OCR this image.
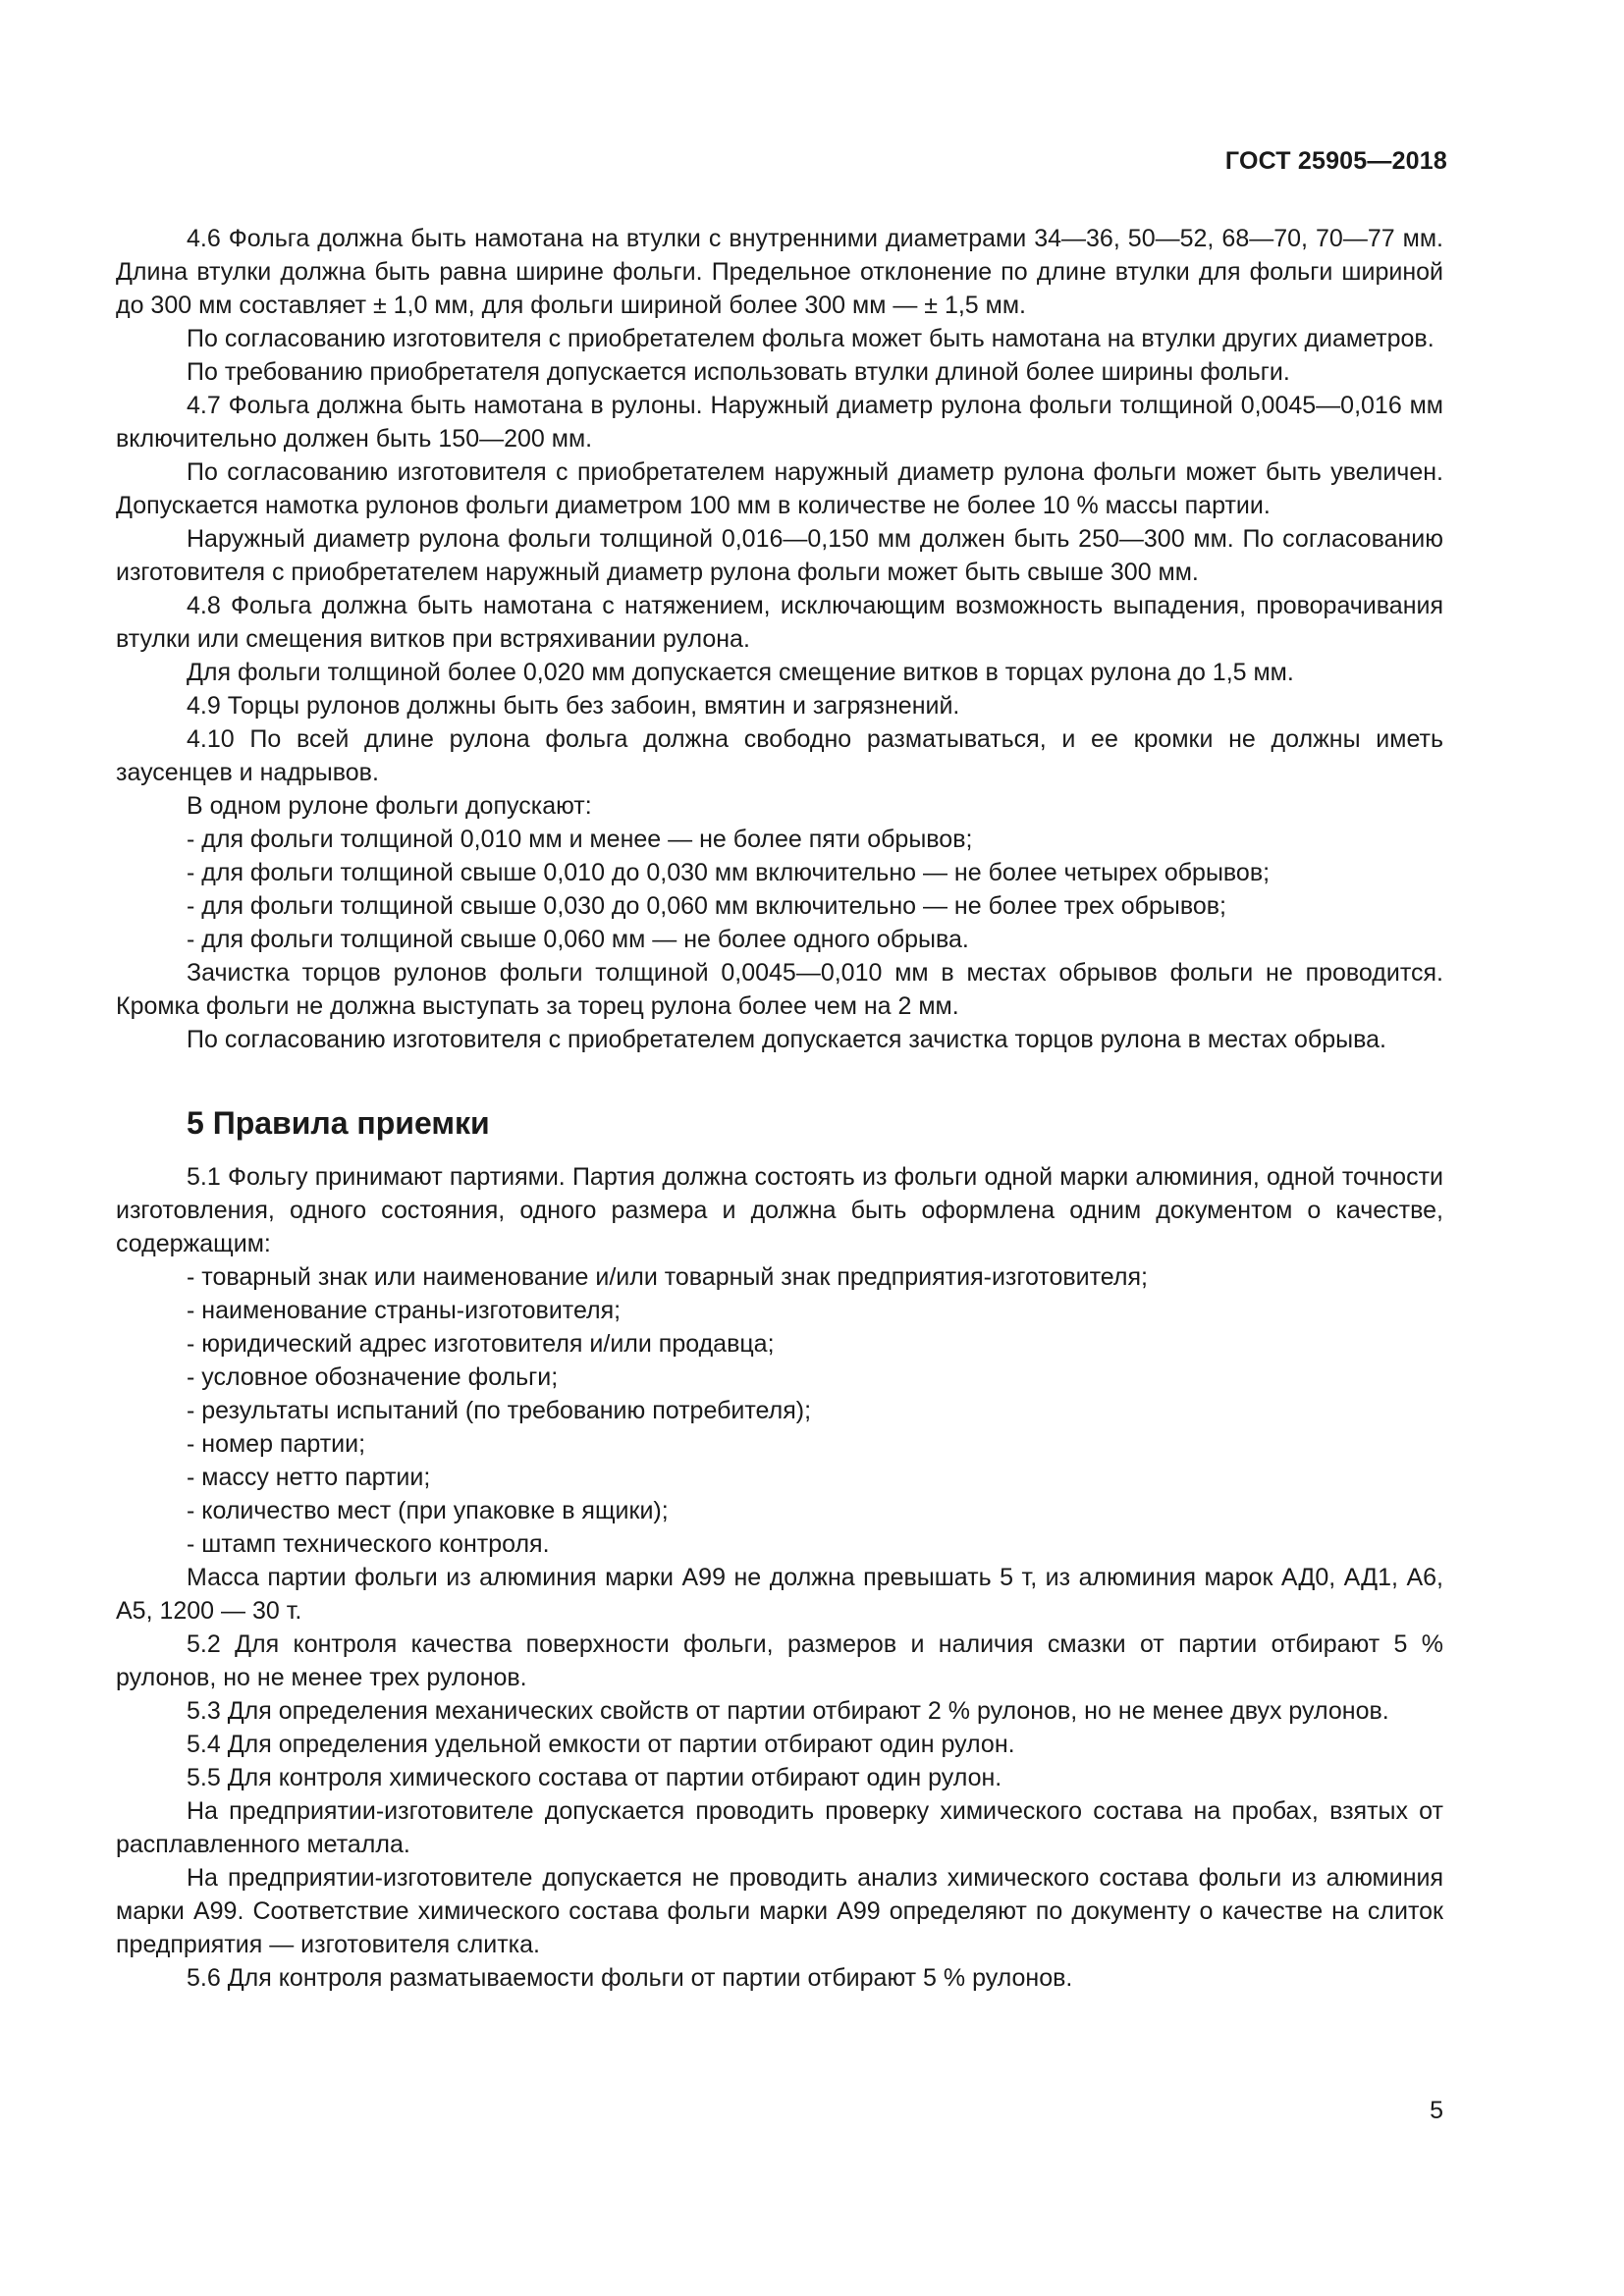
ГОСТ 25905—2018
4.6 Фольга должна быть намотана на втулки с внутренними диаметрами 34—36, 50—52, 68—70, 70—77 мм. Длина втулки должна быть равна ширине фольги. Предельное отклонение по длине втулки для фольги шириной до 300 мм составляет ± 1,0 мм, для фольги шириной более 300 мм — ± 1,5 мм.
По согласованию изготовителя с приобретателем фольга может быть намотана на втулки других диаметров.
По требованию приобретателя допускается использовать втулки длиной более ширины фольги.
4.7 Фольга должна быть намотана в рулоны. Наружный диаметр рулона фольги толщиной 0,0045—0,016 мм включительно должен быть 150—200 мм.
По согласованию изготовителя с приобретателем наружный диаметр рулона фольги может быть увеличен. Допускается намотка рулонов фольги диаметром 100 мм в количестве не более 10 % массы партии.
Наружный диаметр рулона фольги толщиной 0,016—0,150 мм должен быть 250—300 мм. По согласованию изготовителя с приобретателем наружный диаметр рулона фольги может быть свыше 300 мм.
4.8 Фольга должна быть намотана с натяжением, исключающим возможность выпадения, проворачивания втулки или смещения витков при встряхивании рулона.
Для фольги толщиной более 0,020 мм допускается смещение витков в торцах рулона до 1,5 мм.
4.9 Торцы рулонов должны быть без забоин, вмятин и загрязнений.
4.10 По всей длине рулона фольга должна свободно разматываться, и ее кромки не должны иметь заусенцев и надрывов.
В одном рулоне фольги допускают:
- для фольги толщиной 0,010 мм и менее — не более пяти обрывов;
- для фольги толщиной свыше 0,010 до 0,030 мм включительно — не более четырех обрывов;
- для фольги толщиной свыше 0,030 до 0,060 мм включительно — не более трех обрывов;
- для фольги толщиной свыше 0,060 мм — не более одного обрыва.
Зачистка торцов рулонов фольги толщиной 0,0045—0,010 мм в местах обрывов фольги не проводится. Кромка фольги не должна выступать за торец рулона более чем на 2 мм.
По согласованию изготовителя с приобретателем допускается зачистка торцов рулона в местах обрыва.
5 Правила приемки
5.1 Фольгу принимают партиями. Партия должна состоять из фольги одной марки алюминия, одной точности изготовления, одного состояния, одного размера и должна быть оформлена одним документом о качестве, содержащим:
- товарный знак или наименование и/или товарный знак предприятия-изготовителя;
- наименование страны-изготовителя;
- юридический адрес изготовителя и/или продавца;
- условное обозначение фольги;
- результаты испытаний (по требованию потребителя);
- номер партии;
- массу нетто партии;
- количество мест (при упаковке в ящики);
- штамп технического контроля.
Масса партии фольги из алюминия марки А99 не должна превышать 5 т, из алюминия марок АД0, АД1, А6, А5, 1200 — 30 т.
5.2 Для контроля качества поверхности фольги, размеров и наличия смазки от партии отбирают 5 % рулонов, но не менее трех рулонов.
5.3 Для определения механических свойств от партии отбирают 2 % рулонов, но не менее двух рулонов.
5.4 Для определения удельной емкости от партии отбирают один рулон.
5.5 Для контроля химического состава от партии отбирают один рулон.
На предприятии-изготовителе допускается проводить проверку химического состава на пробах, взятых от расплавленного металла.
На предприятии-изготовителе допускается не проводить анализ химического состава фольги из алюминия марки А99. Соответствие химического состава фольги марки А99 определяют по документу о качестве на слиток предприятия — изготовителя слитка.
5.6 Для контроля разматываемости фольги от партии отбирают 5 % рулонов.
5
